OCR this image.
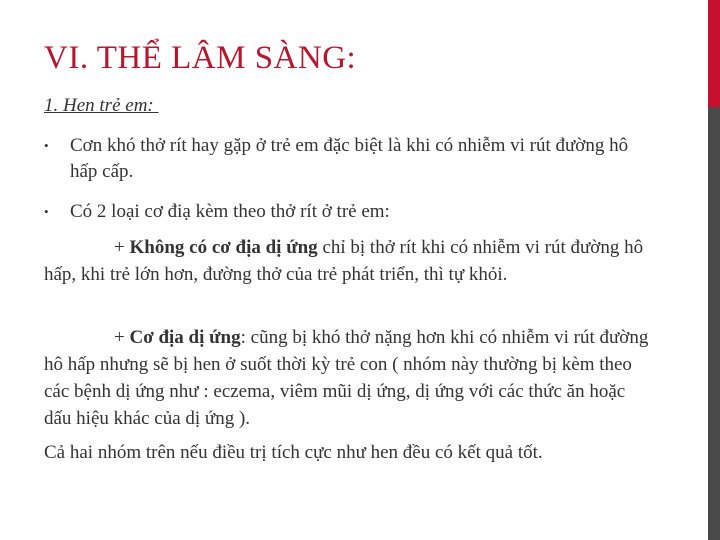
VI. THỂ LÂM SÀNG:

1. Hen trẻ em:

• Cơn khó thở rít hay gặp ở trẻ em đặc biệt là khi có nhiễm vi rút đường hô hấp cấp.
• Có 2 loại cơ điạ kèm theo thở rít ở trẻ em:

+ Không có cơ địa dị ứng chỉ bị thở rít khi có nhiễm vi rút đường hô hấp, khi trẻ lớn hơn, đường thở của trẻ phát triển, thì tự khỏi.

+ Cơ địa dị ứng: cũng bị khó thở nặng hơn khi có nhiễm vi rút đường hô hấp nhưng sẽ bị hen ở suốt thời kỳ trẻ con ( nhóm này thường bị kèm theo các bệnh dị ứng như : eczema, viêm mũi dị ứng, dị ứng với các thức ăn hoặc dấu hiệu khác của dị ứng ).

Cả hai nhóm trên nếu điều trị tích cực như hen đều có kết quả tốt.
